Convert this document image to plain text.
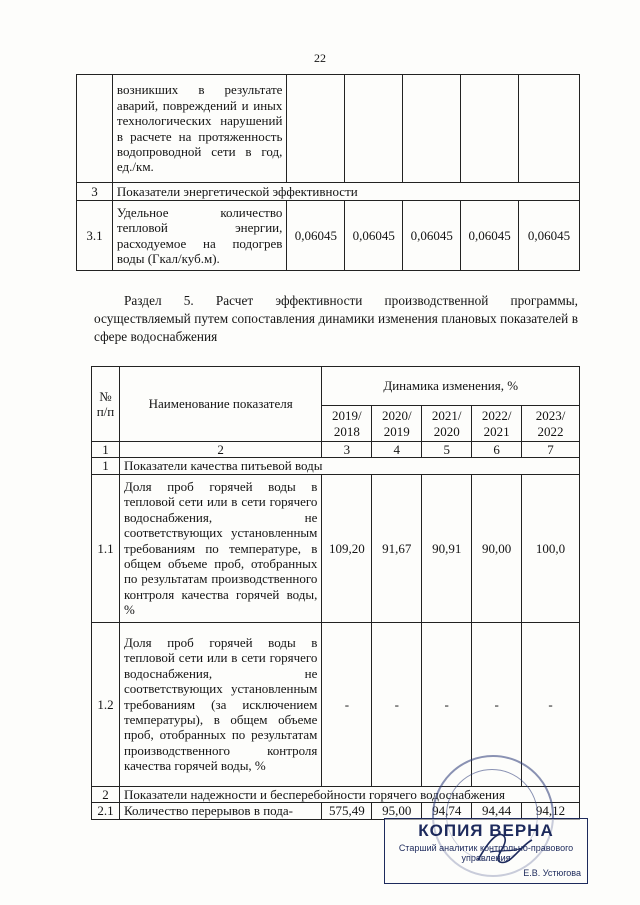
22
	возникших в результате аварий, повреждений и иных технологических нарушений в расчете на протяженность водопроводной сети в год, ед./км.					
3	Показатели энергетической эффективности					
3.1	Удельное количество тепловой энергии, расходуемое на подогрев воды (Гкал/куб.м).	0,06045	0,06045	0,06045	0,06045	0,06045
Раздел 5. Расчет эффективности производственной программы, осуществляемый путем сопоставления динамики изменения плановых показателей в сфере водоснабжения
№ п/п	Наименование показателя	Динамика изменения, %				
		2019/ 2018	2020/ 2019	2021/ 2020	2022/ 2021	2023/ 2022
1	2	3	4	5	6	7
1	Показатели качества питьевой воды					
1.1	Доля проб горячей воды в тепловой сети или в сети горячего водоснабжения, не соответствующих установленным требованиям по температуре, в общем объеме проб, отобранных по результатам производственного контроля качества горячей воды, %	109,20	91,67	90,91	90,00	100,0
1.2	Доля проб горячей воды в тепловой сети или в сети горячего водоснабжения, не соответствующих установленным требованиям (за исключением температуры), в общем объеме проб, отобранных по результатам производственного контроля качества горячей воды, %	-	-	-	-	-
2	Показатели надежности и бесперебойности горячего водоснабжения					
2.1	Количество перерывов в пода-	575,49	95,00	94,74	94,44	94,12
КОПИЯ ВЕРНА
Старший аналитик контрольно-правового управления
Е.В. Устюгова
